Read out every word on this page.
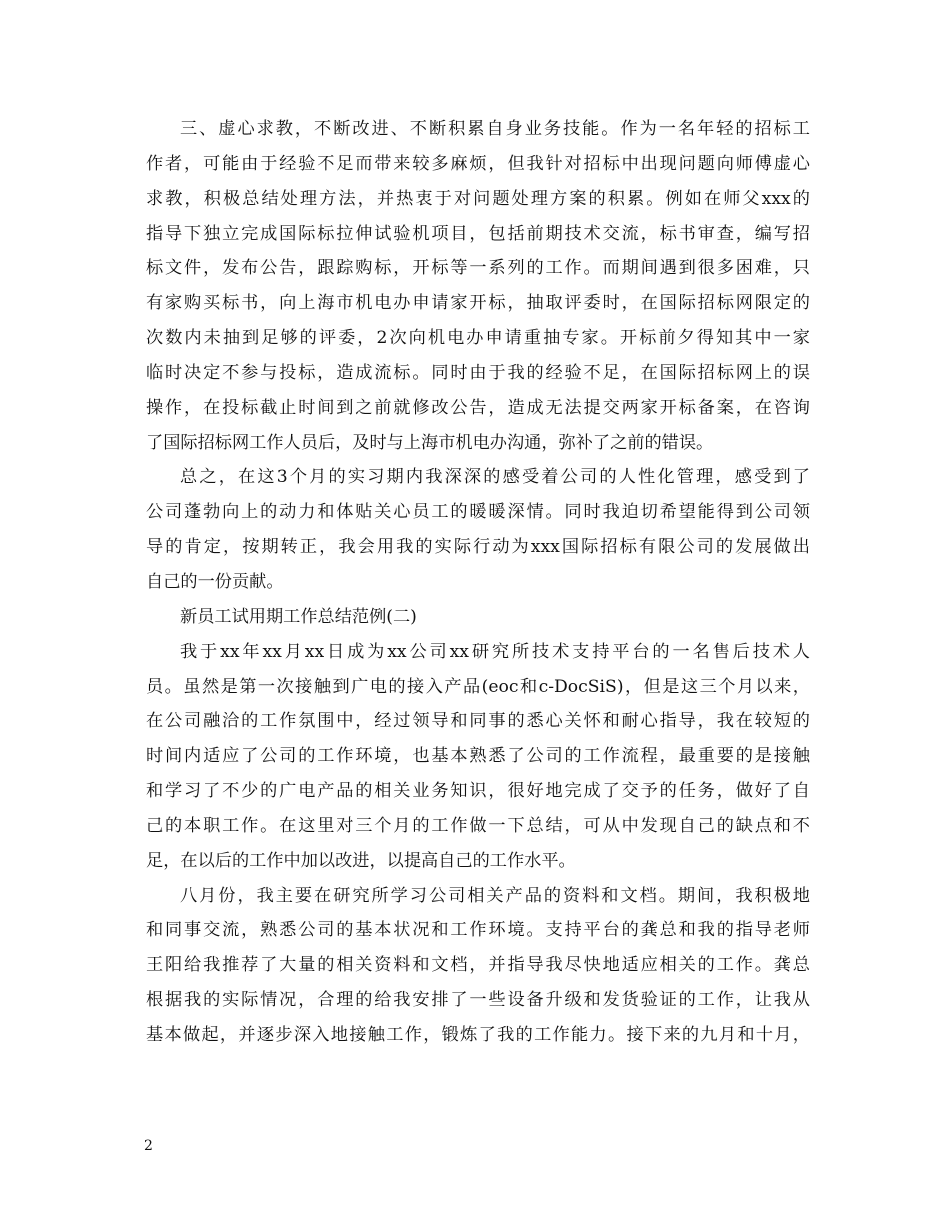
三、虚心求教，不断改进、不断积累自身业务技能。作为一名年轻的招标工
作者，可能由于经验不足而带来较多麻烦，但我针对招标中出现问题向师傅虚心
求教，积极总结处理方法，并热衷于对问题处理方案的积累。例如在师父xxx的
指导下独立完成国际标拉伸试验机项目，包括前期技术交流，标书审查，编写招
标文件，发布公告，跟踪购标，开标等一系列的工作。而期间遇到很多困难，只
有家购买标书，向上海市机电办申请家开标，抽取评委时，在国际招标网限定的
次数内未抽到足够的评委，2次向机电办申请重抽专家。开标前夕得知其中一家
临时决定不参与投标，造成流标。同时由于我的经验不足，在国际招标网上的误
操作，在投标截止时间到之前就修改公告，造成无法提交两家开标备案，在咨询
了国际招标网工作人员后，及时与上海市机电办沟通，弥补了之前的错误。
总之，在这3个月的实习期内我深深的感受着公司的人性化管理，感受到了
公司蓬勃向上的动力和体贴关心员工的暖暖深情。同时我迫切希望能得到公司领
导的肯定，按期转正，我会用我的实际行动为xxx国际招标有限公司的发展做出
自己的一份贡献。
新员工试用期工作总结范例(二)
我于xx年xx月xx日成为xx公司xx研究所技术支持平台的一名售后技术人
员。虽然是第一次接触到广电的接入产品(eoc和c-DocSiS)，但是这三个月以来，
在公司融洽的工作氛围中，经过领导和同事的悉心关怀和耐心指导，我在较短的
时间内适应了公司的工作环境，也基本熟悉了公司的工作流程，最重要的是接触
和学习了不少的广电产品的相关业务知识，很好地完成了交予的任务，做好了自
己的本职工作。在这里对三个月的工作做一下总结，可从中发现自己的缺点和不
足，在以后的工作中加以改进，以提高自己的工作水平。
八月份，我主要在研究所学习公司相关产品的资料和文档。期间，我积极地
和同事交流，熟悉公司的基本状况和工作环境。支持平台的龚总和我的指导老师
王阳给我推荐了大量的相关资料和文档，并指导我尽快地适应相关的工作。龚总
根据我的实际情况，合理的给我安排了一些设备升级和发货验证的工作，让我从
基本做起，并逐步深入地接触工作，锻炼了我的工作能力。接下来的九月和十月，
2
